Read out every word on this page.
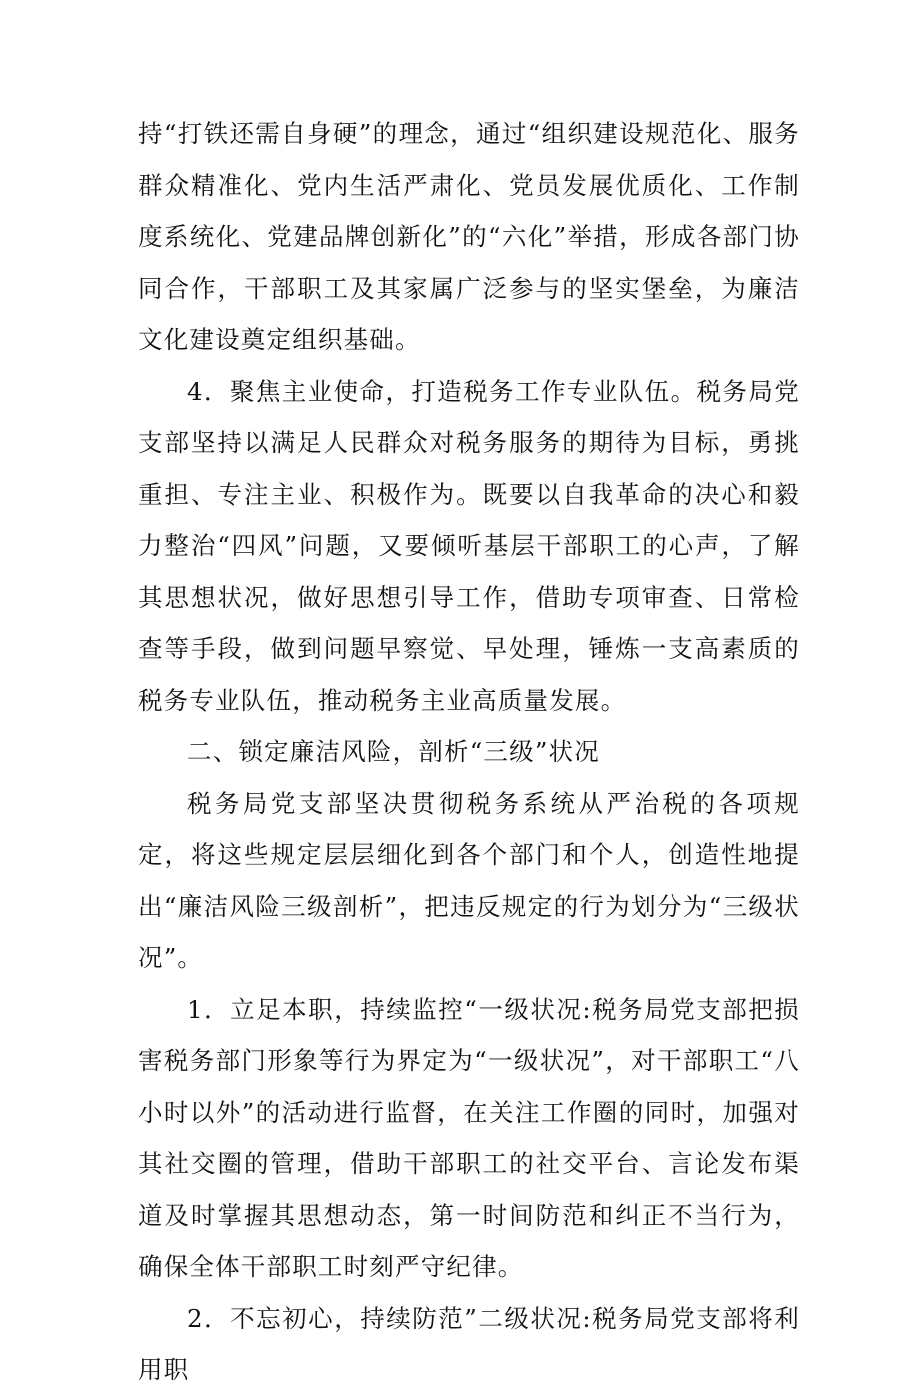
持“打铁还需自身硬”的理念，通过“组织建设规范化、服务群众精准化、党内生活严肃化、党员发展优质化、工作制度系统化、党建品牌创新化”的“六化”举措，形成各部门协同合作，干部职工及其家属广泛参与的坚实堡垒，为廉洁文化建设奠定组织基础。

4．聚焦主业使命，打造税务工作专业队伍。税务局党支部坚持以满足人民群众对税务服务的期待为目标，勇挑重担、专注主业、积极作为。既要以自我革命的决心和毅力整治“四风”问题，又要倾听基层干部职工的心声，了解其思想状况，做好思想引导工作，借助专项审查、日常检查等手段，做到问题早察觉、早处理，锤炼一支高素质的税务专业队伍，推动税务主业高质量发展。

二、锁定廉洁风险，剖析“三级”状况

税务局党支部坚决贯彻税务系统从严治税的各项规定，将这些规定层层细化到各个部门和个人，创造性地提出“廉洁风险三级剖析”，把违反规定的行为划分为“三级状况”。

1．立足本职，持续监控“一级状况:税务局党支部把损害税务部门形象等行为界定为“一级状况”，对干部职工“八小时以外”的活动进行监督，在关注工作圈的同时，加强对其社交圈的管理，借助干部职工的社交平台、言论发布渠道及时掌握其思想动态，第一时间防范和纠正不当行为，确保全体干部职工时刻严守纪律。

2．不忘初心，持续防范”二级状况:税务局党支部将利用职
